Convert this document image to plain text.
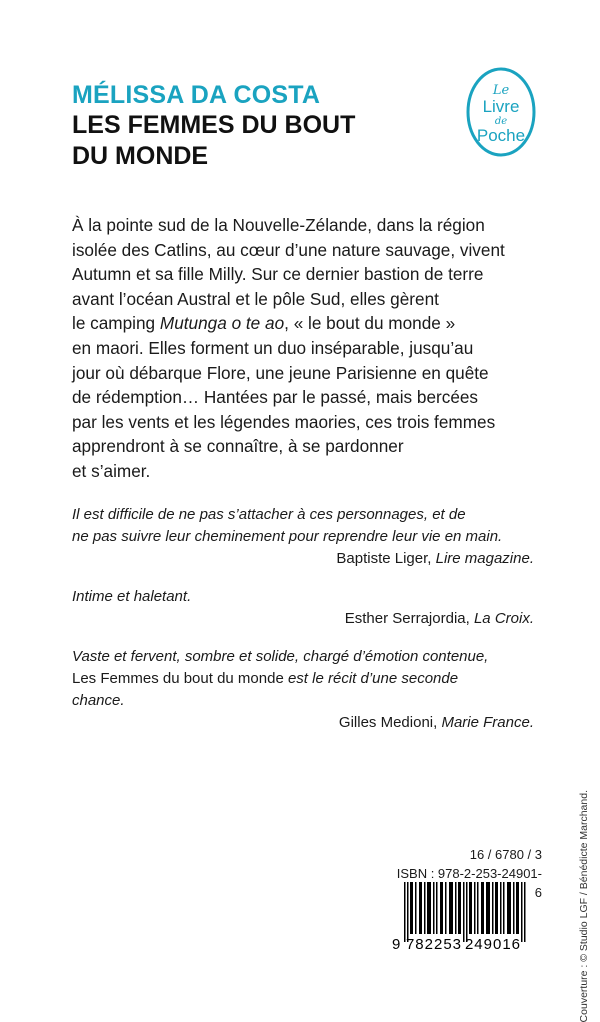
MÉLISSA DA COSTA

LES FEMMES DU BOUT

DU MONDE

Le
Livre
de
Poche

À la pointe sud de la Nouvelle-Zélande, dans la région
isolée des Catlins, au cœur d’une nature sauvage, vivent
Autumn et sa fille Milly. Sur ce dernier bastion de terre
avant l’océan Austral et le pôle Sud, elles gèrent
le camping Mutunga o te ao, « le bout du monde »
en maori. Elles forment un duo inséparable, jusqu’au
jour où débarque Flore, une jeune Parisienne en quête
de rédemption… Hantées par le passé, mais bercées
par les vents et les légendes maories, ces trois femmes
apprendront à se connaître, à se pardonner
et s’aimer.

Il est difficile de ne pas s’attacher à ces personnages, et de
ne pas suivre leur cheminement pour reprendre leur vie en main.
Baptiste Liger, Lire magazine.
Intime et haletant.
Esther Serrajordia, La Croix.
Vaste et fervent, sombre et solide, chargé d’émotion contenue,
Les Femmes du bout du monde est le récit d’une seconde
chance.
Gilles Medioni, Marie France.
16 / 6780 / 3
ISBN : 978-2-253-24901-6
9 782253 249016	Couverture : © Studio LGF / Bénédicte Marchand.
